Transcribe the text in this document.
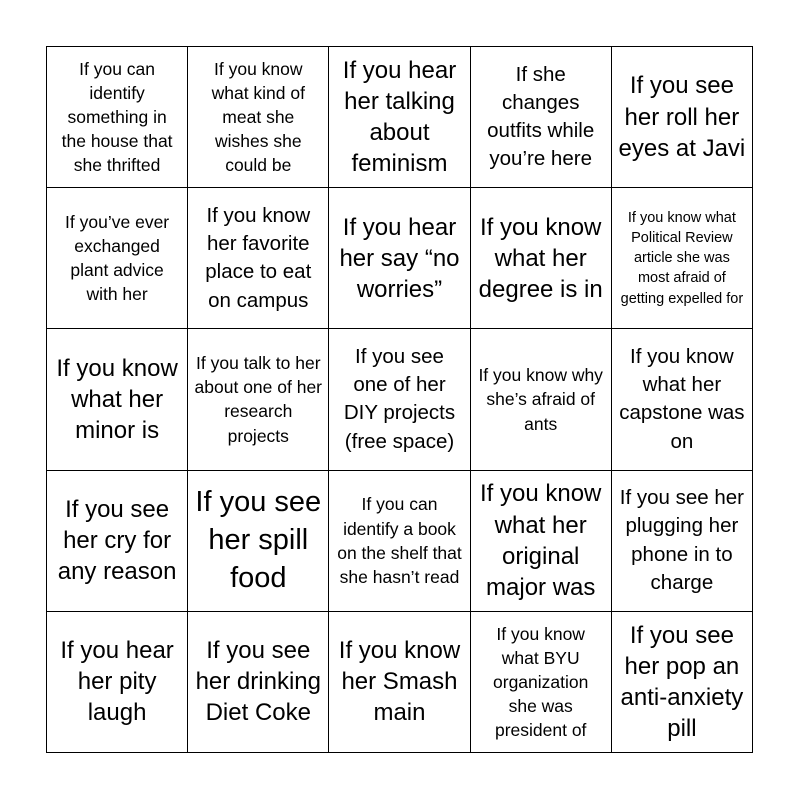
If you can identify something in the house that she thrifted
If you know what kind of meat she wishes she could be
If you hear her talking about feminism
If she changes outfits while you’re here
If you see her roll her eyes at Javi
If you’ve ever exchanged plant advice with her
If you know her favorite place to eat on campus
If you hear her say “no worries”
If you know what her degree is in
If you know what Political Review article she was most afraid of getting expelled for
If you know what her minor is
If you talk to her about one of her research projects
If you see one of her DIY projects (free space)
If you know why she’s afraid of ants
If you know what her capstone was on
If you see her cry for any reason
If you see her spill food
If you can identify a book on the shelf that she hasn’t read
If you know what her original major was
If you see her plugging her phone in to charge
If you hear her pity laugh
If you see her drinking Diet Coke
If you know her Smash main
If you know what BYU organization she was president of
If you see her pop an anti-anxiety pill
